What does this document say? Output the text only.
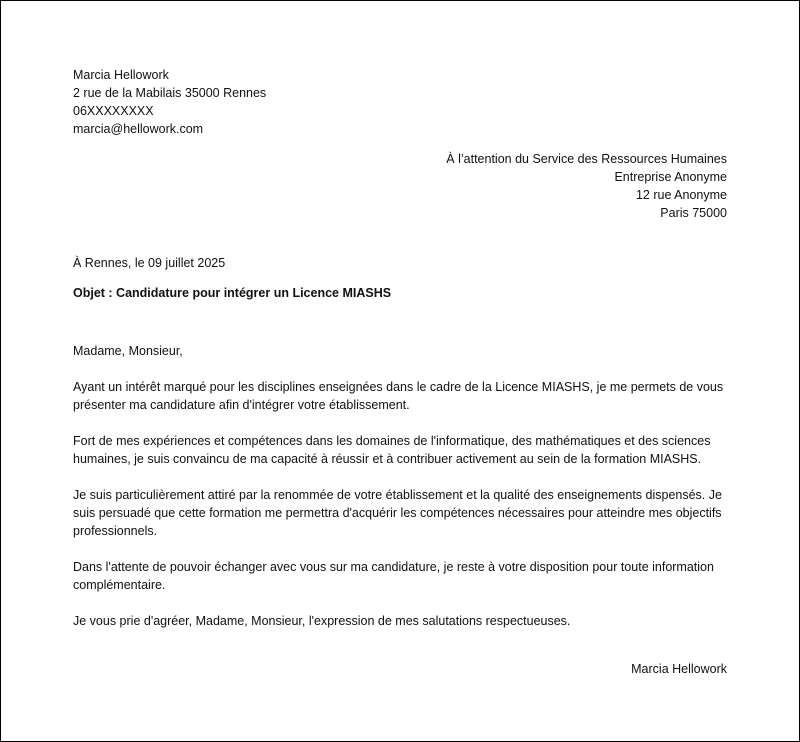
Marcia Hellowork
2 rue de la Mabilais 35000 Rennes
06XXXXXXXX
marcia@hellowork.com
À l’attention du Service des Ressources Humaines
Entreprise Anonyme
12 rue Anonyme
Paris 75000
À Rennes, le 09 juillet 2025
Objet : Candidature pour intégrer un Licence MIASHS

Madame, Monsieur,

Ayant un intérêt marqué pour les disciplines enseignées dans le cadre de la Licence MIASHS, je me permets de vous présenter ma candidature afin d'intégrer votre établissement.

Fort de mes expériences et compétences dans les domaines de l'informatique, des mathématiques et des sciences humaines, je suis convaincu de ma capacité à réussir et à contribuer activement au sein de la formation MIASHS.

Je suis particulièrement attiré par la renommée de votre établissement et la qualité des enseignements dispensés. Je suis persuadé que cette formation me permettra d'acquérir les compétences nécessaires pour atteindre mes objectifs professionnels.

Dans l'attente de pouvoir échanger avec vous sur ma candidature, je reste à votre disposition pour toute information complémentaire.

Je vous prie d'agréer, Madame, Monsieur, l'expression de mes salutations respectueuses.

Marcia Hellowork
